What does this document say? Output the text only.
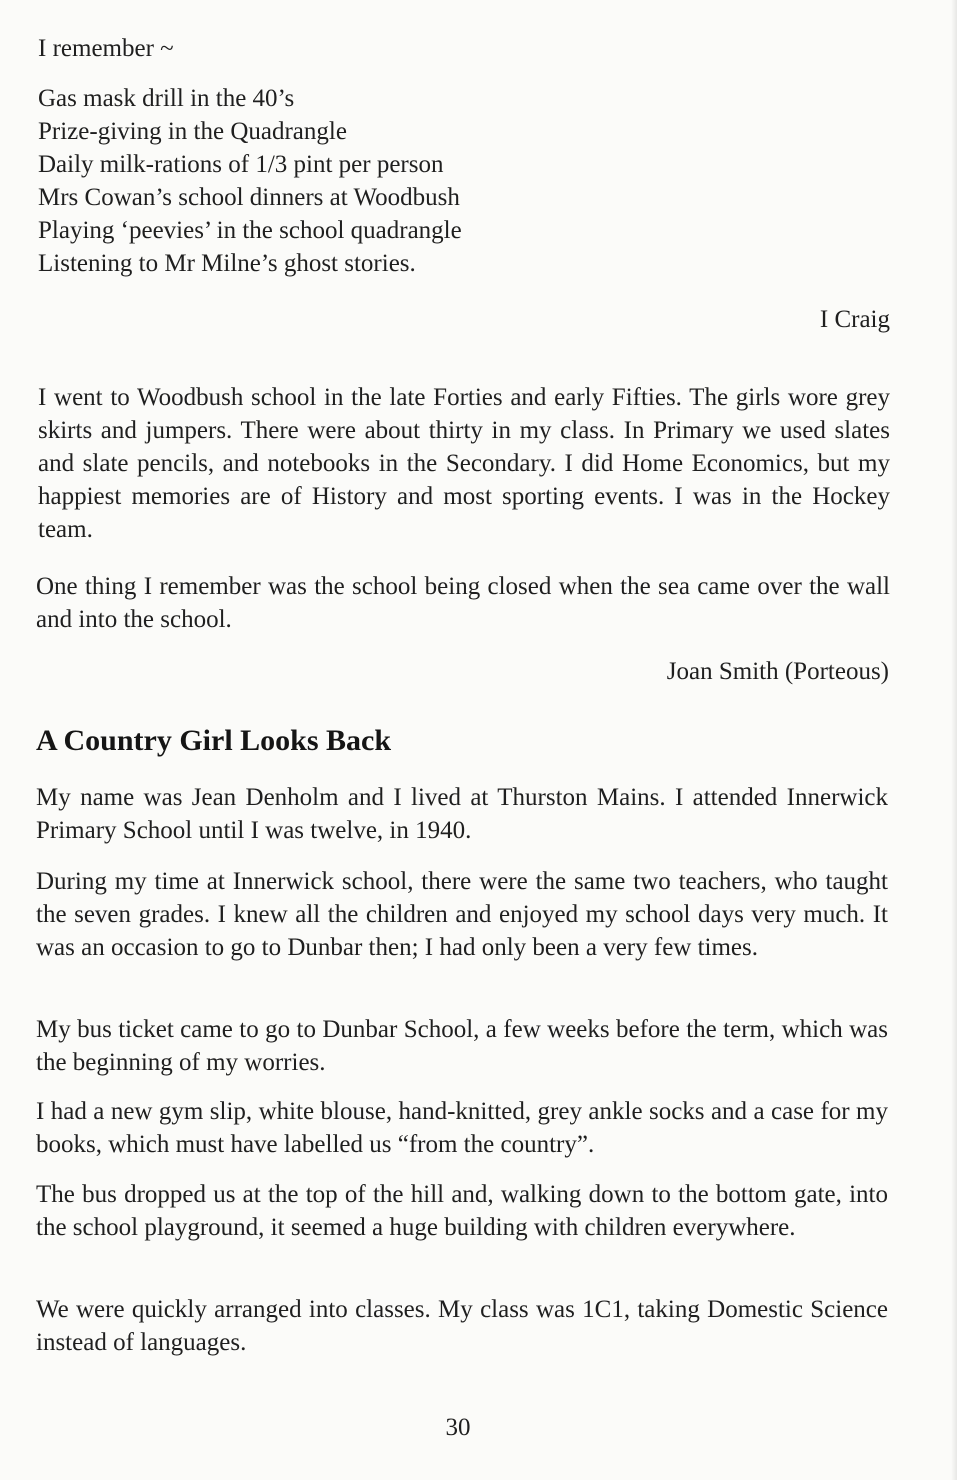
I remember ~

Gas mask drill in the 40’s
Prize-giving in the Quadrangle
Daily milk-rations of 1/3 pint per person
Mrs Cowan’s school dinners at Woodbush
Playing ‘peevies’ in the school quadrangle
Listening to Mr Milne’s ghost stories.

I Craig

I went to Woodbush school in the late Forties and early Fifties. The girls wore grey skirts and jumpers. There were about thirty in my class. In Primary we used slates and slate pencils, and notebooks in the Secondary. I did Home Economics, but my happiest memories are of History and most sporting events. I was in the Hockey team.

One thing I remember was the school being closed when the sea came over the wall and into the school.

Joan Smith (Porteous)

A Country Girl Looks Back

My name was Jean Denholm and I lived at Thurston Mains. I attended Innerwick Primary School until I was twelve, in 1940.

During my time at Innerwick school, there were the same two teachers, who taught the seven grades. I knew all the children and enjoyed my school days very much. It was an occasion to go to Dunbar then; I had only been a very few times.

My bus ticket came to go to Dunbar School, a few weeks before the term, which was the beginning of my worries.

I had a new gym slip, white blouse, hand-knitted, grey ankle socks and a case for my books, which must have labelled us “from the country”.

The bus dropped us at the top of the hill and, walking down to the bottom gate, into the school playground, it seemed a huge building with children everywhere.

We were quickly arranged into classes. My class was 1C1, taking Domestic Science instead of languages.

30
